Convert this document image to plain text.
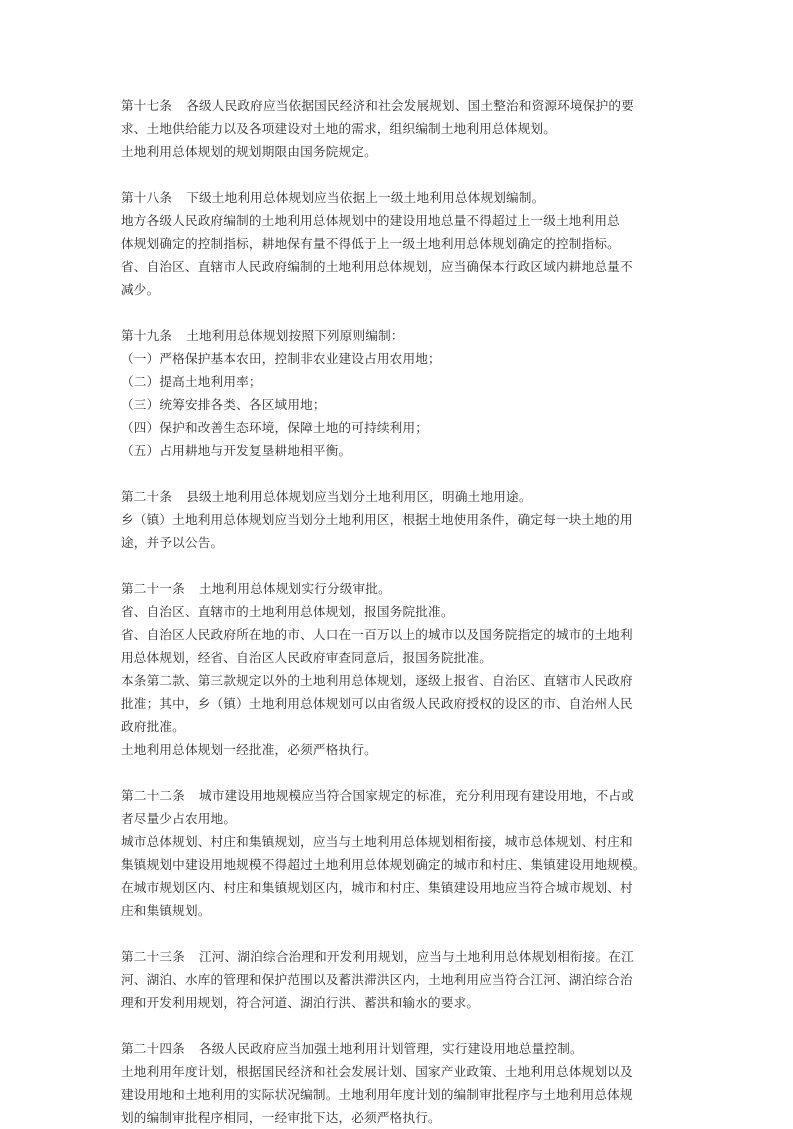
第十七条 各级人民政府应当依据国民经济和社会发展规划、国土整治和资源环境保护的要
求、土地供给能力以及各项建设对土地的需求，组织编制土地利用总体规划。
土地利用总体规划的规划期限由国务院规定。
第十八条 下级土地利用总体规划应当依据上一级土地利用总体规划编制。
地方各级人民政府编制的土地利用总体规划中的建设用地总量不得超过上一级土地利用总
体规划确定的控制指标，耕地保有量不得低于上一级土地利用总体规划确定的控制指标。
省、自治区、直辖市人民政府编制的土地利用总体规划，应当确保本行政区域内耕地总量不
减少。
第十九条 土地利用总体规划按照下列原则编制：
（一）严格保护基本农田，控制非农业建设占用农用地；
（二）提高土地利用率；
（三）统筹安排各类、各区域用地；
（四）保护和改善生态环境，保障土地的可持续利用；
（五）占用耕地与开发复垦耕地相平衡。
第二十条 县级土地利用总体规划应当划分土地利用区，明确土地用途。
乡（镇）土地利用总体规划应当划分土地利用区，根据土地使用条件，确定每一块土地的用
途，并予以公告。
第二十一条 土地利用总体规划实行分级审批。
省、自治区、直辖市的土地利用总体规划，报国务院批准。
省、自治区人民政府所在地的市、人口在一百万以上的城市以及国务院指定的城市的土地利
用总体规划，经省、自治区人民政府审查同意后，报国务院批准。
本条第二款、第三款规定以外的土地利用总体规划，逐级上报省、自治区、直辖市人民政府
批准；其中，乡（镇）土地利用总体规划可以由省级人民政府授权的设区的市、自治州人民
政府批准。
土地利用总体规划一经批准，必须严格执行。
第二十二条 城市建设用地规模应当符合国家规定的标准，充分利用现有建设用地，不占或
者尽量少占农用地。
城市总体规划、村庄和集镇规划，应当与土地利用总体规划相衔接，城市总体规划、村庄和
集镇规划中建设用地规模不得超过土地利用总体规划确定的城市和村庄、集镇建设用地规模。
在城市规划区内、村庄和集镇规划区内，城市和村庄、集镇建设用地应当符合城市规划、村
庄和集镇规划。
第二十三条 江河、湖泊综合治理和开发利用规划，应当与土地利用总体规划相衔接。在江
河、湖泊、水库的管理和保护范围以及蓄洪滞洪区内，土地利用应当符合江河、湖泊综合治
理和开发利用规划，符合河道、湖泊行洪、蓄洪和输水的要求。
第二十四条 各级人民政府应当加强土地利用计划管理，实行建设用地总量控制。
土地利用年度计划，根据国民经济和社会发展计划、国家产业政策、土地利用总体规划以及
建设用地和土地利用的实际状况编制。土地利用年度计划的编制审批程序与土地利用总体规
划的编制审批程序相同，一经审批下达，必须严格执行。
